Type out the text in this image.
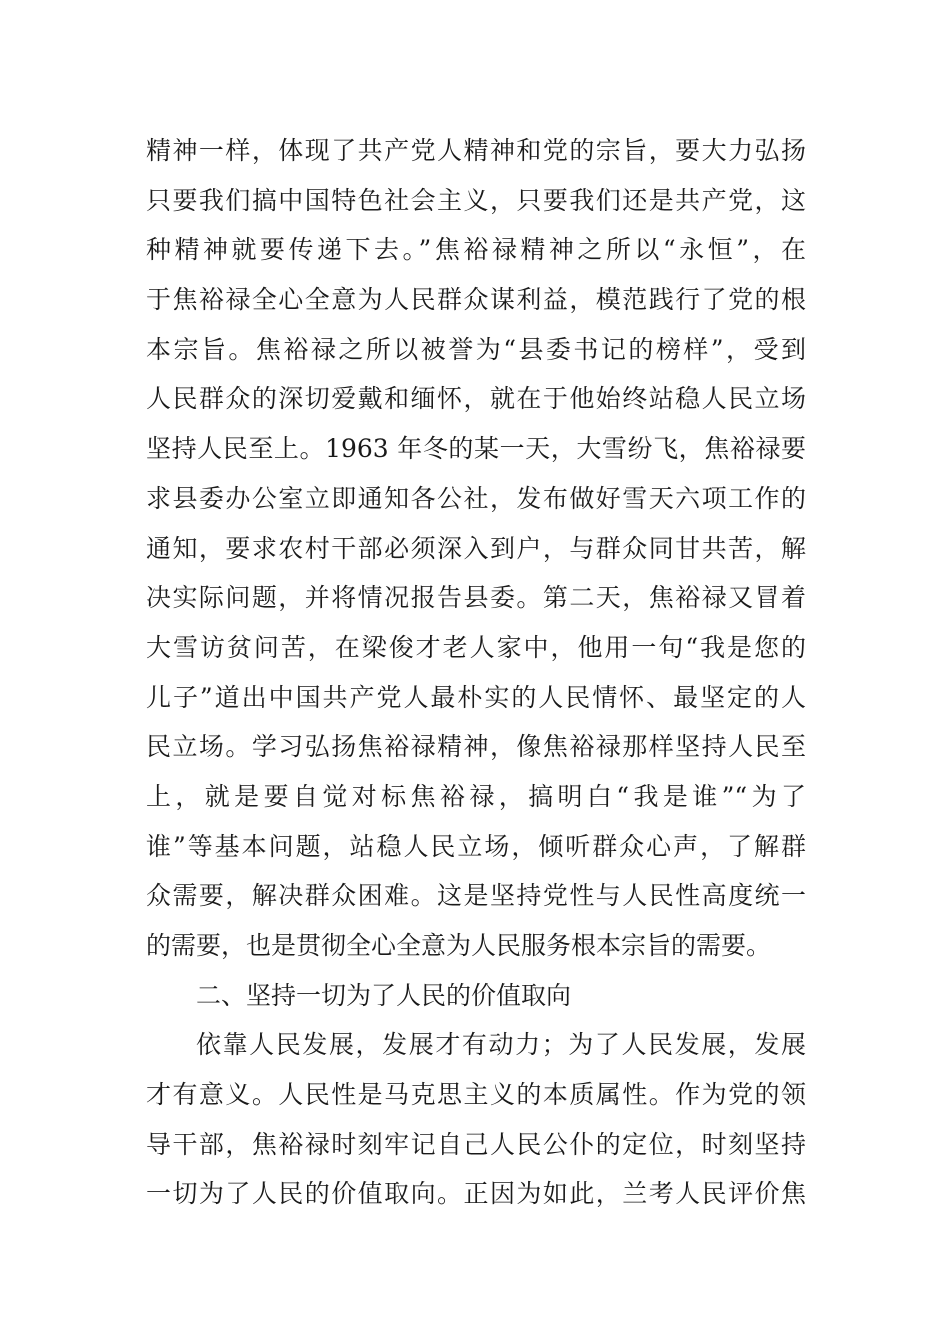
精神一样，体现了共产党人精神和党的宗旨，要大力弘扬
只要我们搞中国特色社会主义，只要我们还是共产党，这
种精神就要传递下去。”焦裕禄精神之所以“永恒”，在
于焦裕禄全心全意为人民群众谋利益，模范践行了党的根
本宗旨。焦裕禄之所以被誉为“县委书记的榜样”，受到
人民群众的深切爱戴和缅怀，就在于他始终站稳人民立场
坚持人民至上。1963 年冬的某一天，大雪纷飞，焦裕禄要
求县委办公室立即通知各公社，发布做好雪天六项工作的
通知，要求农村干部必须深入到户，与群众同甘共苦，解
决实际问题，并将情况报告县委。第二天，焦裕禄又冒着
大雪访贫问苦，在梁俊才老人家中，他用一句“我是您的
儿子”道出中国共产党人最朴实的人民情怀、最坚定的人
民立场。学习弘扬焦裕禄精神，像焦裕禄那样坚持人民至
上，就是要自觉对标焦裕禄，搞明白“我是谁”“为了
谁”等基本问题，站稳人民立场，倾听群众心声，了解群
众需要，解决群众困难。这是坚持党性与人民性高度统一
的需要，也是贯彻全心全意为人民服务根本宗旨的需要。
二、坚持一切为了人民的价值取向
依靠人民发展，发展才有动力；为了人民发展，发展
才有意义。人民性是马克思主义的本质属性。作为党的领
导干部，焦裕禄时刻牢记自己人民公仆的定位，时刻坚持
一切为了人民的价值取向。正因为如此，兰考人民评价焦
